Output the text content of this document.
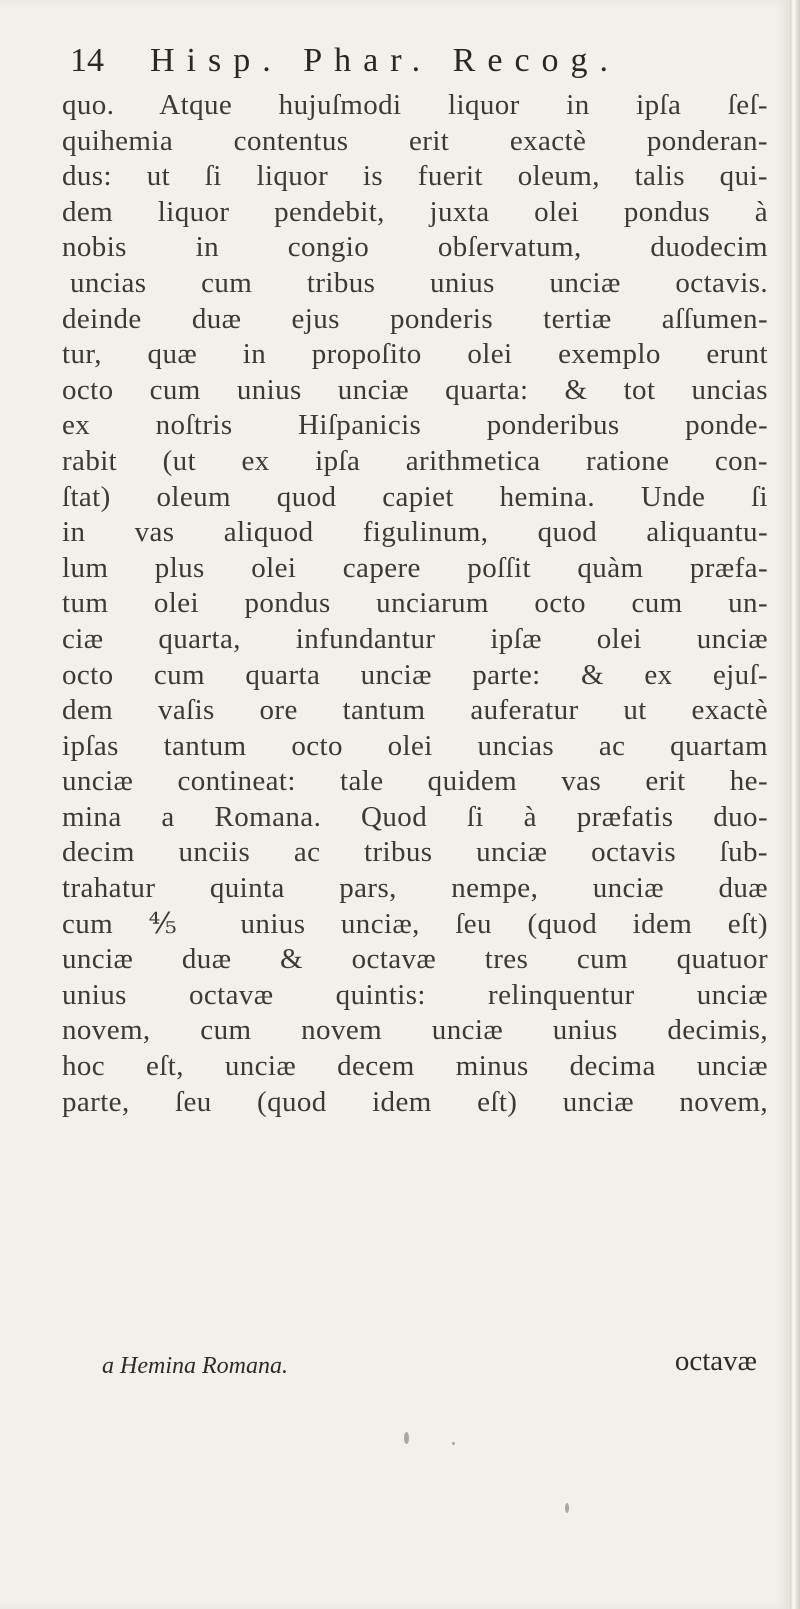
14 Hisp. Phar. Recog.
quo. Atque hujuſmodi liquor in ipſa ſeſ-
quihemia contentus erit exactè ponderan-
dus: ut ſi liquor is fuerit oleum, talis qui-
dem liquor pendebit, juxta olei pondus à
nobis in congio obſervatum, duodecim
uncias cum tribus unius unciæ octavis.
deinde duæ ejus ponderis tertiæ aſſumen-
tur, quæ in propoſito olei exemplo erunt
octo cum unius unciæ quarta: & tot uncias
ex noſtris Hiſpanicis ponderibus ponde-
rabit (ut ex ipſa arithmetica ratione con-
ſtat) oleum quod capiet hemina. Unde ſi
in vas aliquod figulinum, quod aliquantu-
lum plus olei capere poſſit quàm præfa-
tum olei pondus unciarum octo cum un-
ciæ quarta, infundantur ipſæ olei unciæ
octo cum quarta unciæ parte: & ex ejuſ-
dem vaſis ore tantum auferatur ut exactè
ipſas tantum octo olei uncias ac quartam
unciæ contineat: tale quidem vas erit he-
mina a Romana. Quod ſi à præfatis duo-
decim unciis ac tribus unciæ octavis ſub-
trahatur quinta pars, nempe, unciæ duæ
cum ⅘ unius unciæ, ſeu (quod idem eſt)
unciæ duæ & octavæ tres cum quatuor
unius octavæ quintis: relinquentur unciæ
novem, cum novem unciæ unius decimis,
hoc eſt, unciæ decem minus decima unciæ
parte, ſeu (quod idem eſt) unciæ novem,
a Hemina Romana.	octavæ
